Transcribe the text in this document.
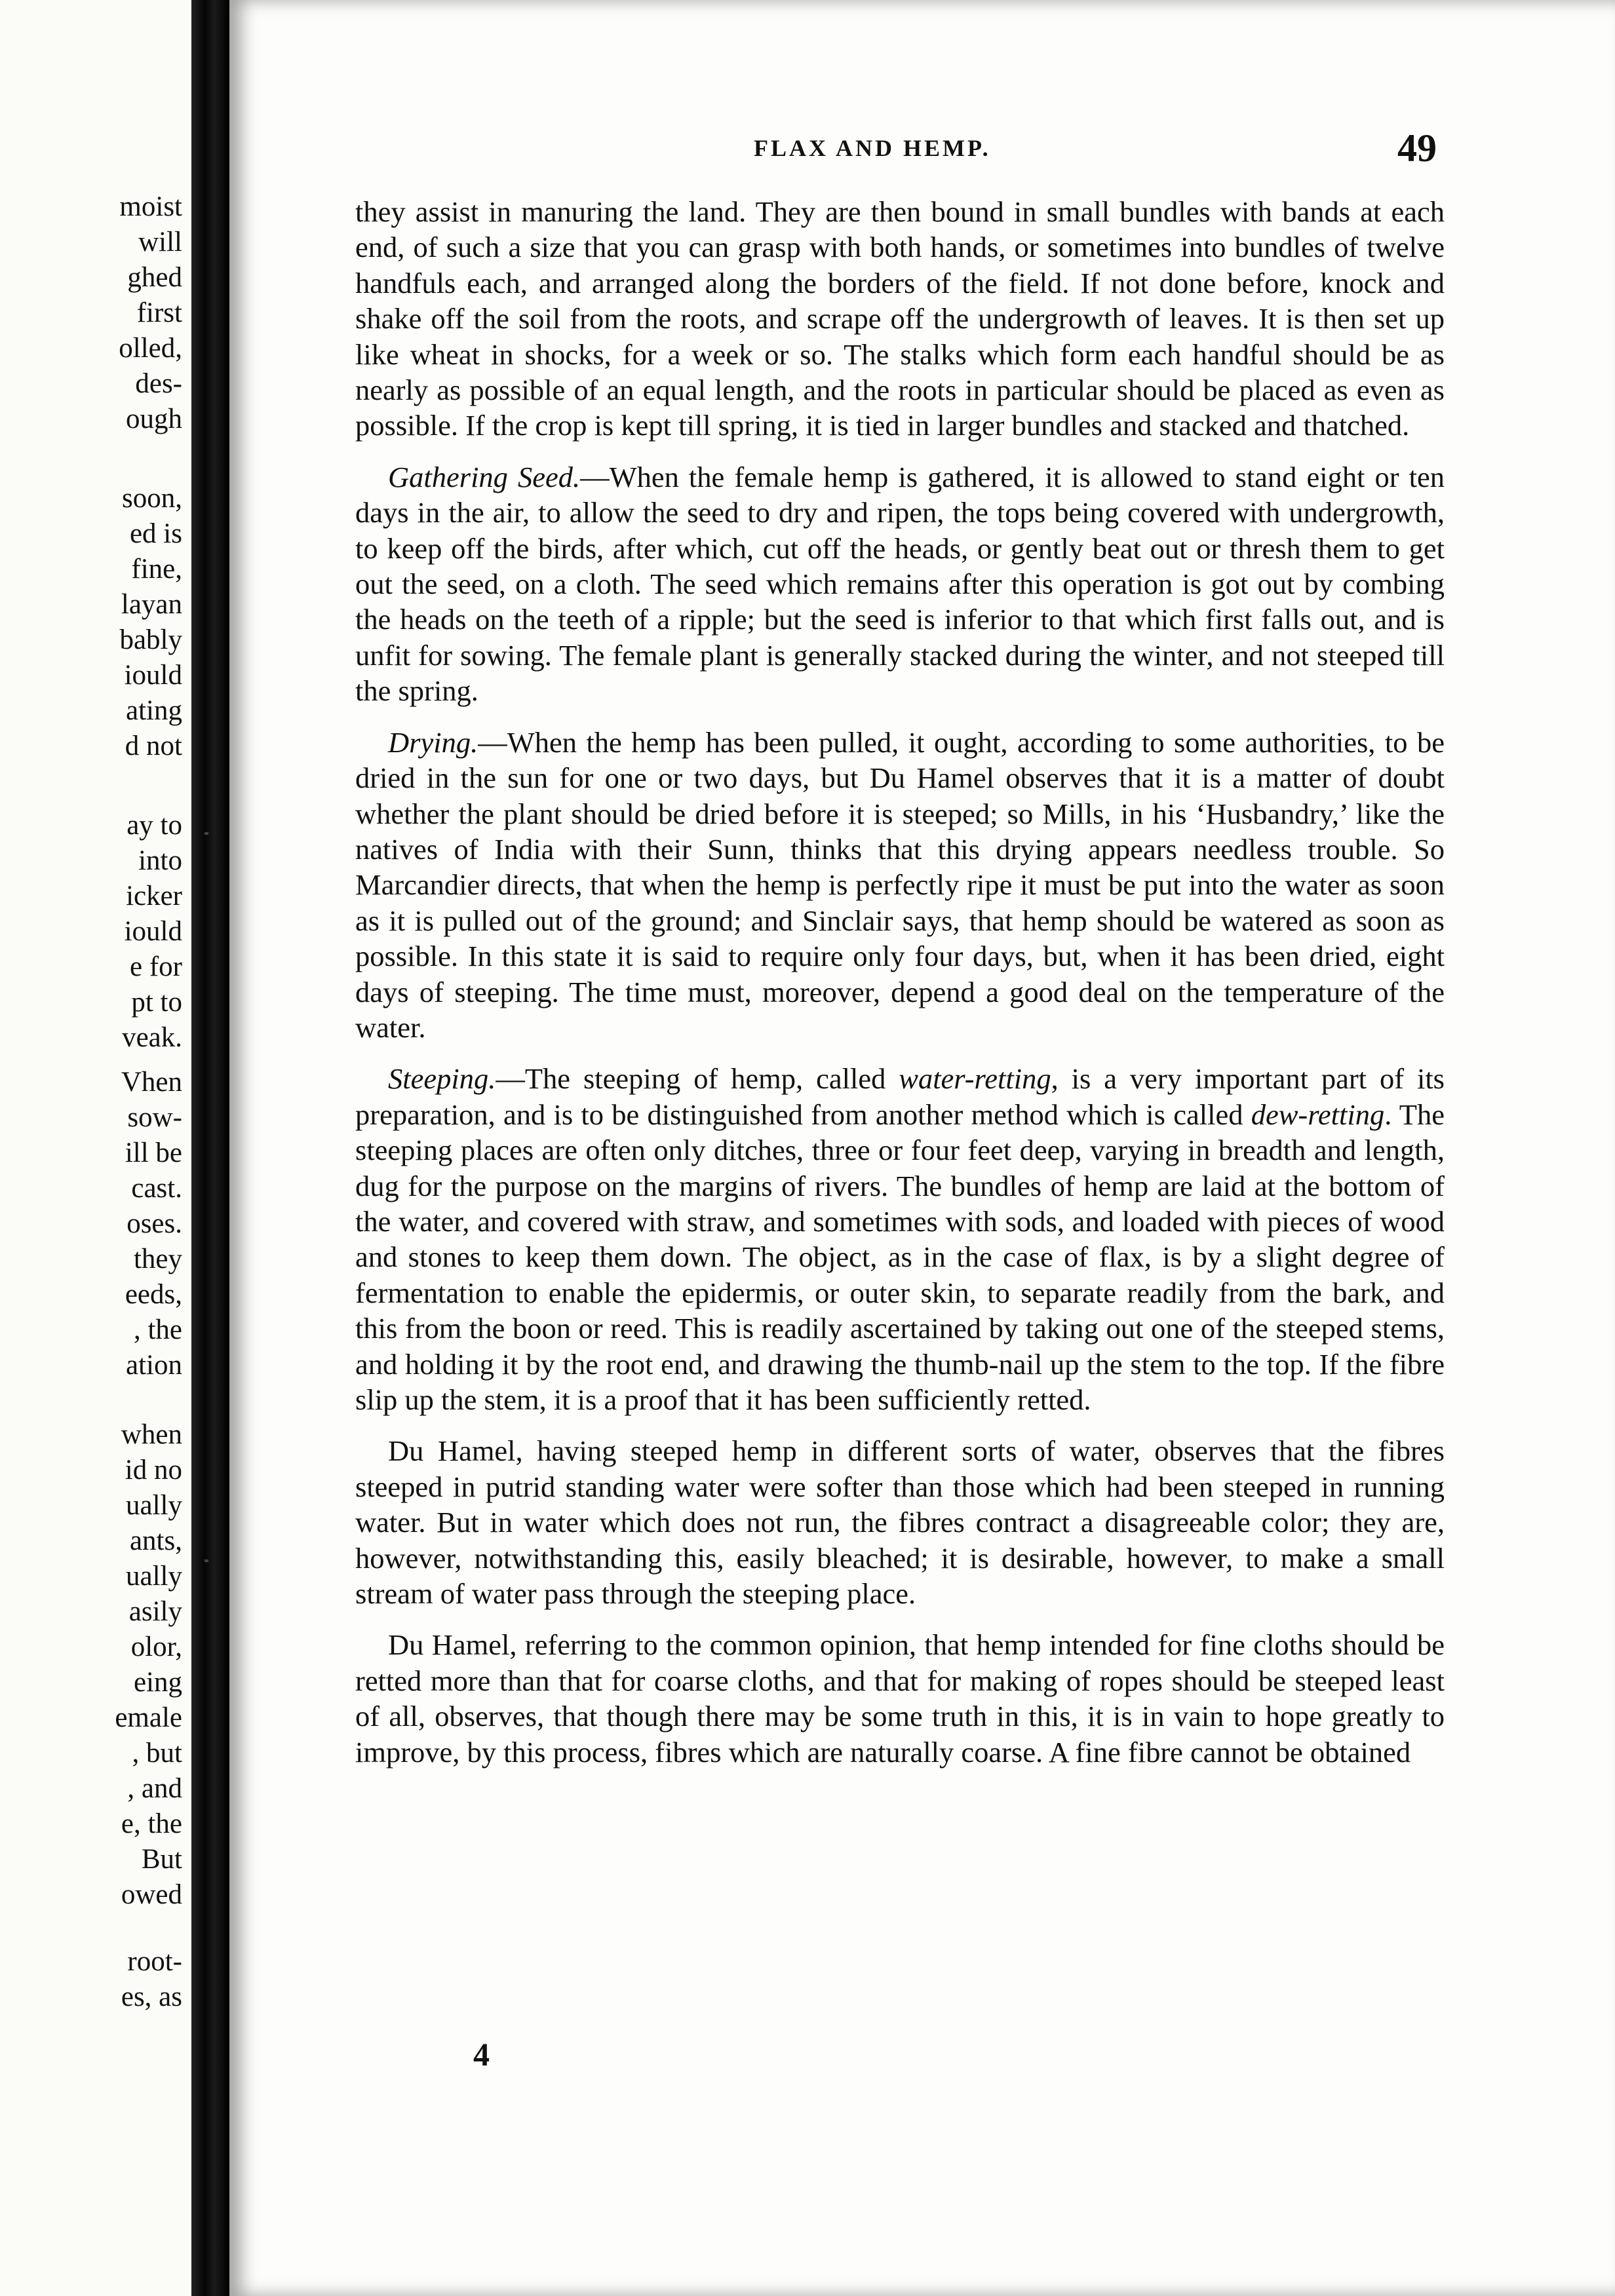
moist
will
ghed
first
olled,
des-
ough
soon,
ed is
fine,
layan
bably
iould
ating
d not
ay to
into
icker
iould
e for
pt to
veak.
Vhen
sow-
ill be
cast.
oses.
they
eeds,
, the
ation
when
id no
ually
ants,
ually
asily
olor,
eing
emale
, but
, and
e, the
But
owed
root-
es, as
FLAX AND HEMP.	49

they assist in manuring the land. They are then bound in small bundles with bands at each end, of such a size that you can grasp with both hands, or sometimes into bundles of twelve handfuls each, and arranged along the borders of the field. If not done before, knock and shake off the soil from the roots, and scrape off the undergrowth of leaves. It is then set up like wheat in shocks, for a week or so. The stalks which form each handful should be as nearly as possible of an equal length, and the roots in particular should be placed as even as possible. If the crop is kept till spring, it is tied in larger bundles and stacked and thatched.

Gathering Seed.—When the female hemp is gathered, it is allowed to stand eight or ten days in the air, to allow the seed to dry and ripen, the tops being covered with undergrowth, to keep off the birds, after which, cut off the heads, or gently beat out or thresh them to get out the seed, on a cloth. The seed which remains after this operation is got out by combing the heads on the teeth of a ripple; but the seed is inferior to that which first falls out, and is unfit for sowing. The female plant is generally stacked during the winter, and not steeped till the spring.

Drying.—When the hemp has been pulled, it ought, according to some authorities, to be dried in the sun for one or two days, but Du Hamel observes that it is a matter of doubt whether the plant should be dried before it is steeped; so Mills, in his ‘Husbandry,’ like the natives of India with their Sunn, thinks that this drying appears needless trouble. So Marcandier directs, that when the hemp is perfectly ripe it must be put into the water as soon as it is pulled out of the ground; and Sinclair says, that hemp should be watered as soon as possible. In this state it is said to require only four days, but, when it has been dried, eight days of steeping. The time must, moreover, depend a good deal on the temperature of the water.

Steeping.—The steeping of hemp, called water-retting, is a very important part of its preparation, and is to be distinguished from another method which is called dew-retting. The steeping places are often only ditches, three or four feet deep, varying in breadth and length, dug for the purpose on the margins of rivers. The bundles of hemp are laid at the bottom of the water, and covered with straw, and sometimes with sods, and loaded with pieces of wood and stones to keep them down. The object, as in the case of flax, is by a slight degree of fermentation to enable the epidermis, or outer skin, to separate readily from the bark, and this from the boon or reed. This is readily ascertained by taking out one of the steeped stems, and holding it by the root end, and drawing the thumb-nail up the stem to the top. If the fibre slip up the stem, it is a proof that it has been sufficiently retted.

Du Hamel, having steeped hemp in different sorts of water, observes that the fibres steeped in putrid standing water were softer than those which had been steeped in running water. But in water which does not run, the fibres contract a disagreeable color; they are, however, notwithstanding this, easily bleached; it is desirable, however, to make a small stream of water pass through the steeping place.

Du Hamel, referring to the common opinion, that hemp intended for fine cloths should be retted more than that for coarse cloths, and that for making of ropes should be steeped least of all, observes, that though there may be some truth in this, it is in vain to hope greatly to improve, by this process, fibres which are naturally coarse. A fine fibre cannot be obtained

4
